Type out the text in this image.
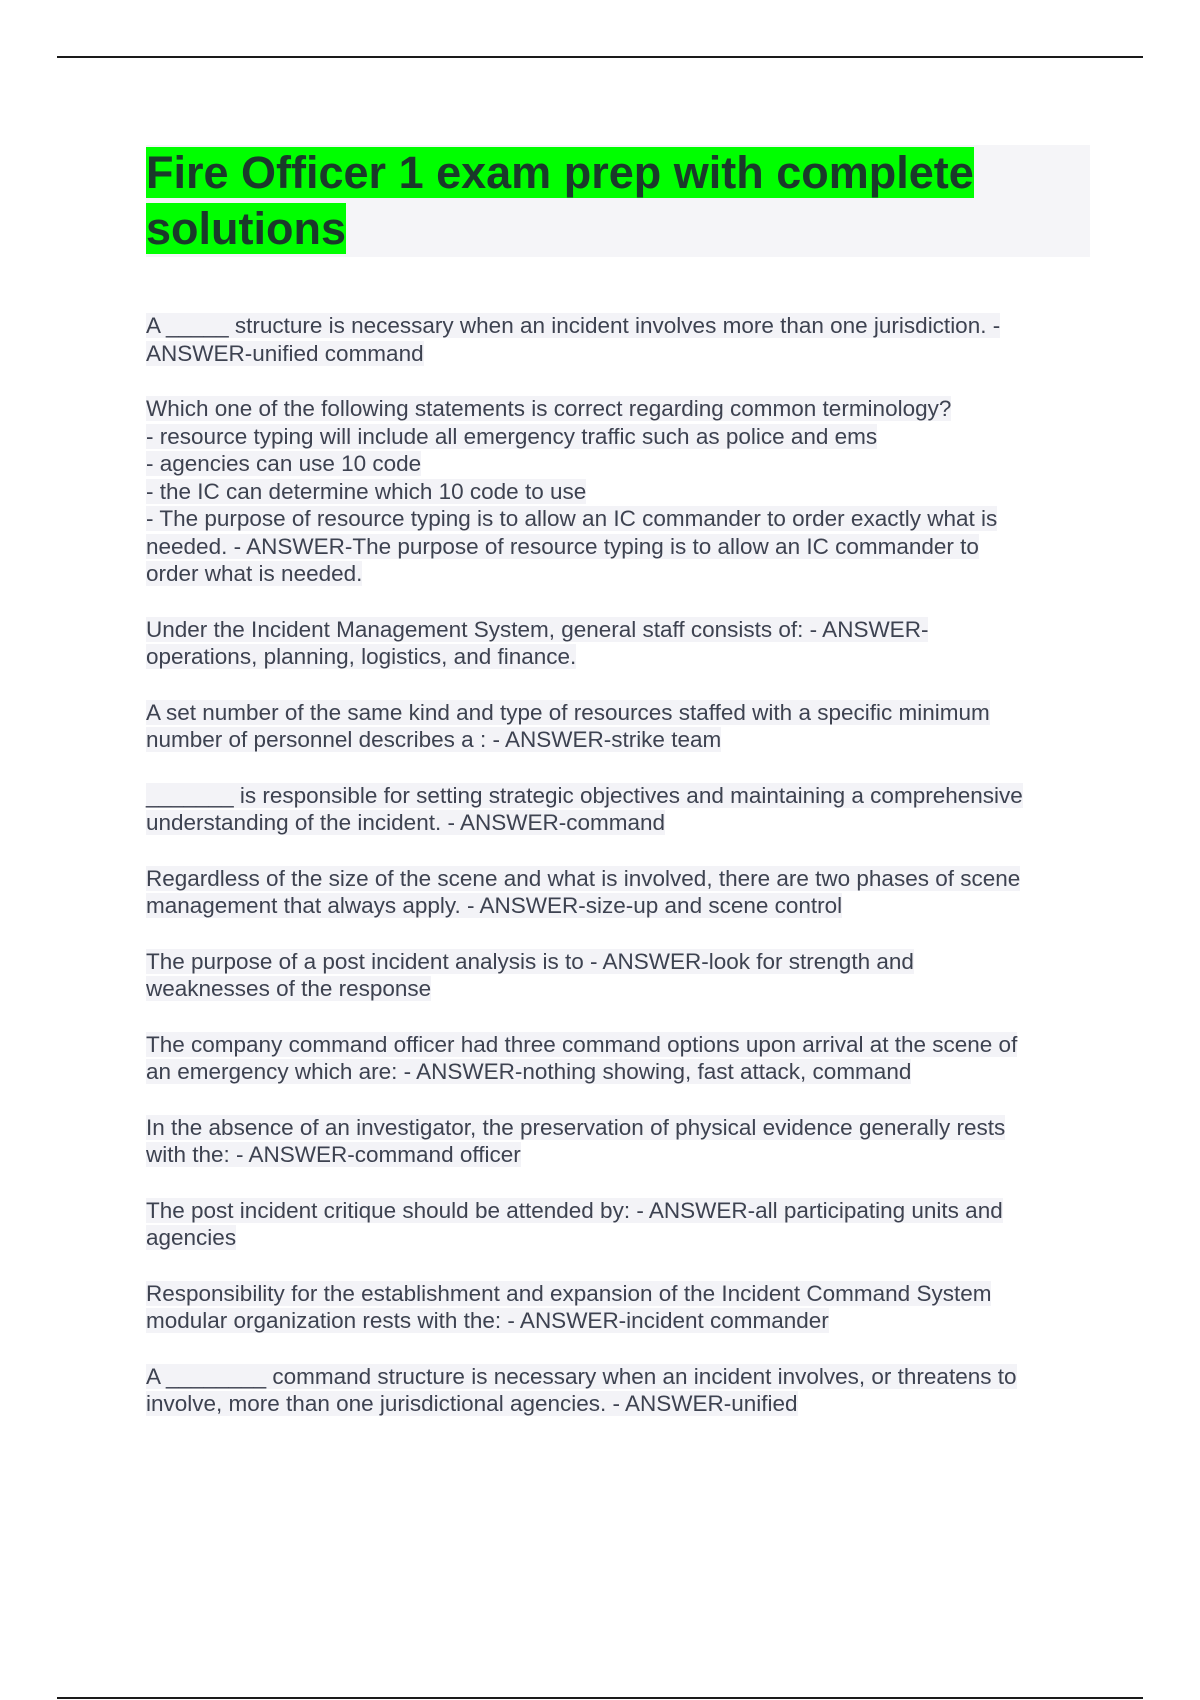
Fire Officer 1 exam prep with complete
solutions

A _____ structure is necessary when an incident involves more than one jurisdiction. -
ANSWER-unified command

Which one of the following statements is correct regarding common terminology?
- resource typing will include all emergency traffic such as police and ems
- agencies can use 10 code
- the IC can determine which 10 code to use
- The purpose of resource typing is to allow an IC commander to order exactly what is
needed. - ANSWER-The purpose of resource typing is to allow an IC commander to
order what is needed.

Under the Incident Management System, general staff consists of: - ANSWER-
operations, planning, logistics, and finance.

A set number of the same kind and type of resources staffed with a specific minimum
number of personnel describes a : - ANSWER-strike team

_______ is responsible for setting strategic objectives and maintaining a comprehensive
understanding of the incident. - ANSWER-command

Regardless of the size of the scene and what is involved, there are two phases of scene
management that always apply. - ANSWER-size-up and scene control

The purpose of a post incident analysis is to - ANSWER-look for strength and
weaknesses of the response

The company command officer had three command options upon arrival at the scene of
an emergency which are: - ANSWER-nothing showing, fast attack, command

In the absence of an investigator, the preservation of physical evidence generally rests
with the: - ANSWER-command officer

The post incident critique should be attended by: - ANSWER-all participating units and
agencies

Responsibility for the establishment and expansion of the Incident Command System
modular organization rests with the: - ANSWER-incident commander

A ________ command structure is necessary when an incident involves, or threatens to
involve, more than one jurisdictional agencies. - ANSWER-unified
